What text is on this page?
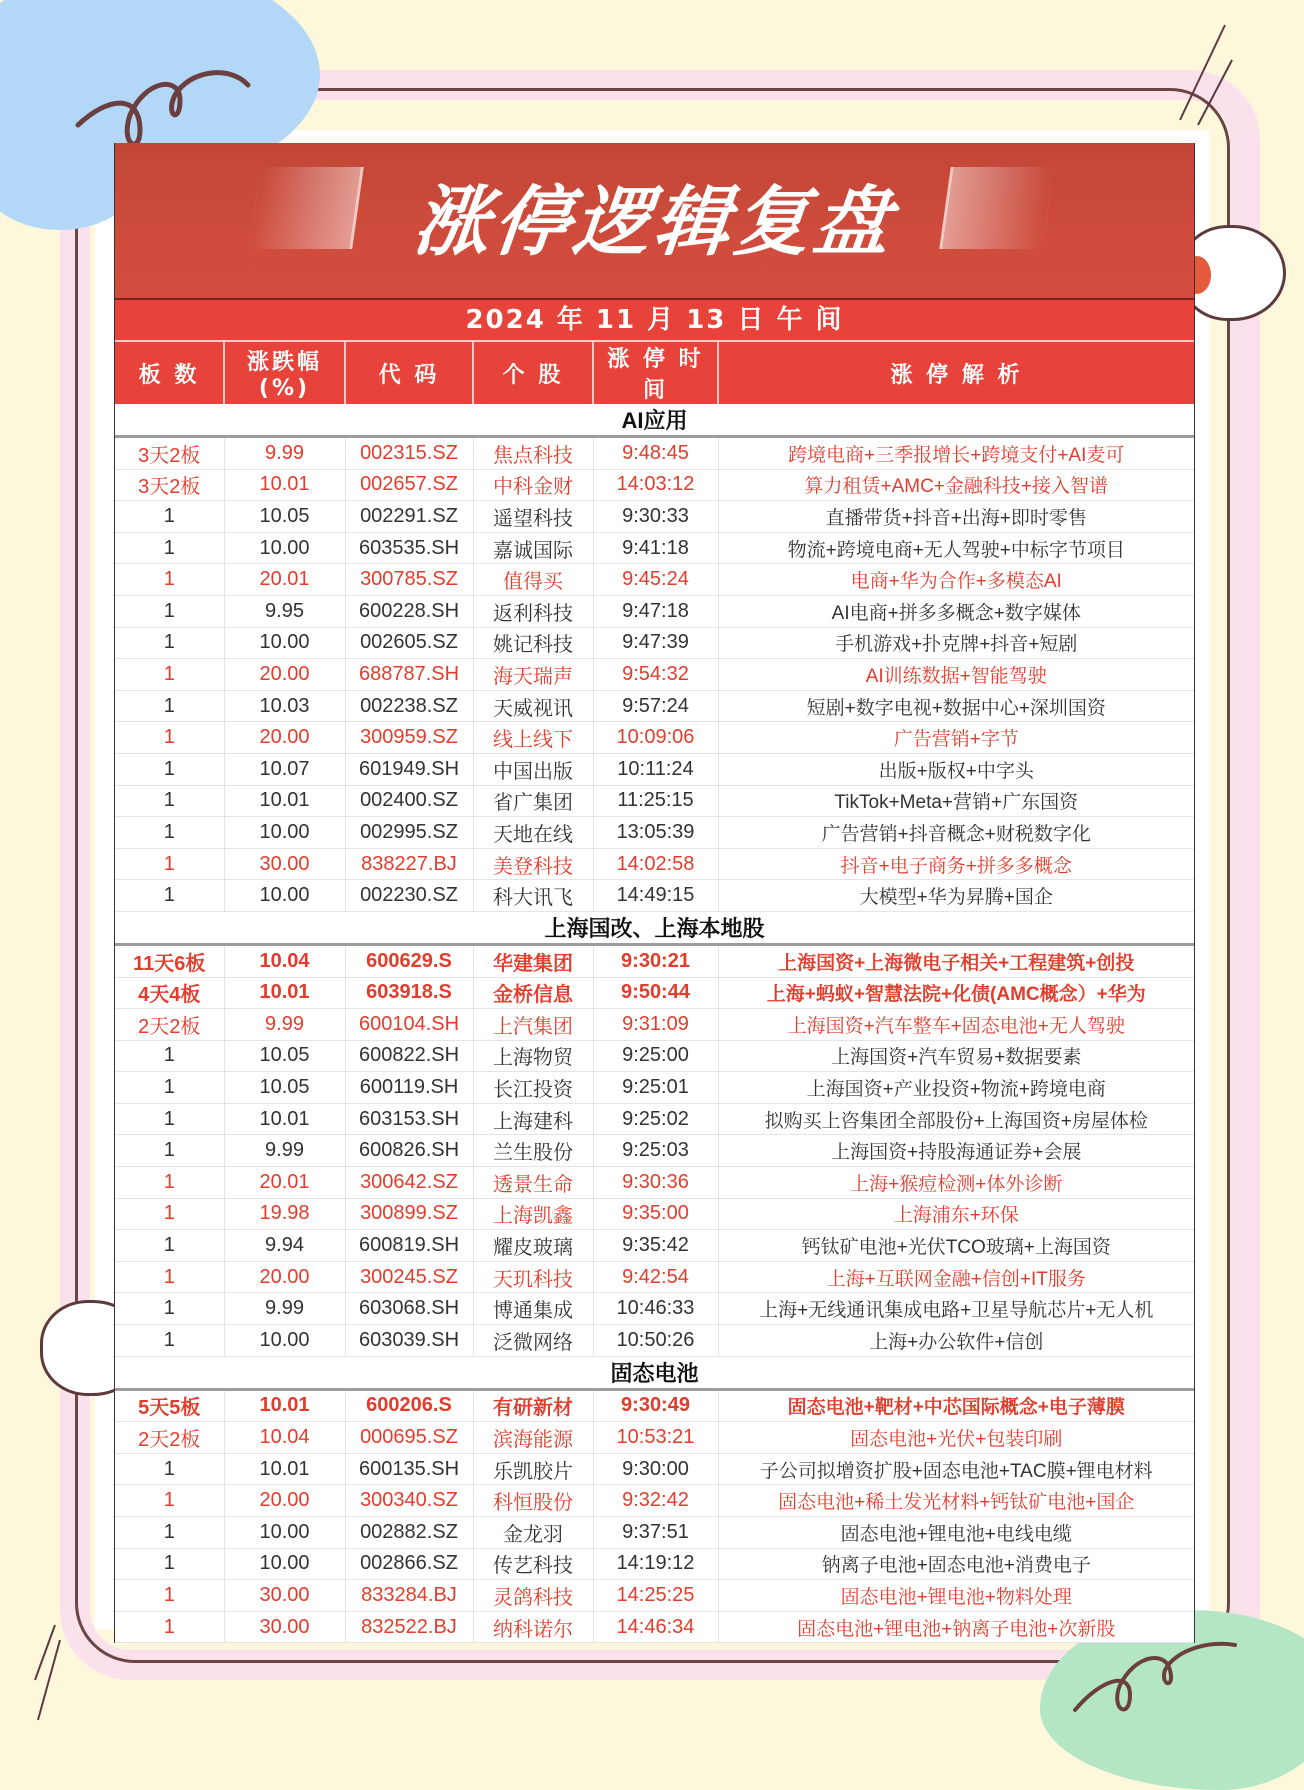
涨停逻辑复盘
2024 年 11 月 13 日 午 间
板 数	涨跌幅(%)	代 码	个 股	涨 停 时 间	涨 停 解 析
AI应用					
3天2板	9.99	002315.SZ	焦点科技	9:48:45	跨境电商+三季报增长+跨境支付+AI麦可
3天2板	10.01	002657.SZ	中科金财	14:03:12	算力租赁+AMC+金融科技+接入智谱
1	10.05	002291.SZ	遥望科技	9:30:33	直播带货+抖音+出海+即时零售
1	10.00	603535.SH	嘉诚国际	9:41:18	物流+跨境电商+无人驾驶+中标字节项目
1	20.01	300785.SZ	值得买	9:45:24	电商+华为合作+多模态AI
1	9.95	600228.SH	返利科技	9:47:18	AI电商+拼多多概念+数字媒体
1	10.00	002605.SZ	姚记科技	9:47:39	手机游戏+扑克牌+抖音+短剧
1	20.00	688787.SH	海天瑞声	9:54:32	AI训练数据+智能驾驶
1	10.03	002238.SZ	天威视讯	9:57:24	短剧+数字电视+数据中心+深圳国资
1	20.00	300959.SZ	线上线下	10:09:06	广告营销+字节
1	10.07	601949.SH	中国出版	10:11:24	出版+版权+中字头
1	10.01	002400.SZ	省广集团	11:25:15	TikTok+Meta+营销+广东国资
1	10.00	002995.SZ	天地在线	13:05:39	广告营销+抖音概念+财税数字化
1	30.00	838227.BJ	美登科技	14:02:58	抖音+电子商务+拼多多概念
1	10.00	002230.SZ	科大讯飞	14:49:15	大模型+华为昇腾+国企
上海国改、上海本地股					
11天6板	10.04	600629.S	华建集团	9:30:21	上海国资+上海微电子相关+工程建筑+创投
4天4板	10.01	603918.S	金桥信息	9:50:44	上海+蚂蚁+智慧法院+化债(AMC概念）+华为
2天2板	9.99	600104.SH	上汽集团	9:31:09	上海国资+汽车整车+固态电池+无人驾驶
1	10.05	600822.SH	上海物贸	9:25:00	上海国资+汽车贸易+数据要素
1	10.05	600119.SH	长江投资	9:25:01	上海国资+产业投资+物流+跨境电商
1	10.01	603153.SH	上海建科	9:25:02	拟购买上咨集团全部股份+上海国资+房屋体检
1	9.99	600826.SH	兰生股份	9:25:03	上海国资+持股海通证券+会展
1	20.01	300642.SZ	透景生命	9:30:36	上海+猴痘检测+体外诊断
1	19.98	300899.SZ	上海凯鑫	9:35:00	上海浦东+环保
1	9.94	600819.SH	耀皮玻璃	9:35:42	钙钛矿电池+光伏TCO玻璃+上海国资
1	20.00	300245.SZ	天玑科技	9:42:54	上海+互联网金融+信创+IT服务
1	9.99	603068.SH	博通集成	10:46:33	上海+无线通讯集成电路+卫星导航芯片+无人机
1	10.00	603039.SH	泛微网络	10:50:26	上海+办公软件+信创
固态电池					
5天5板	10.01	600206.S	有研新材	9:30:49	固态电池+靶材+中芯国际概念+电子薄膜
2天2板	10.04	000695.SZ	滨海能源	10:53:21	固态电池+光伏+包装印刷
1	10.01	600135.SH	乐凯胶片	9:30:00	子公司拟增资扩股+固态电池+TAC膜+锂电材料
1	20.00	300340.SZ	科恒股份	9:32:42	固态电池+稀土发光材料+钙钛矿电池+国企
1	10.00	002882.SZ	金龙羽	9:37:51	固态电池+锂电池+电线电缆
1	10.00	002866.SZ	传艺科技	14:19:12	钠离子电池+固态电池+消费电子
1	30.00	833284.BJ	灵鸽科技	14:25:25	固态电池+锂电池+物料处理
1	30.00	832522.BJ	纳科诺尔	14:46:34	固态电池+锂电池+钠离子电池+次新股
